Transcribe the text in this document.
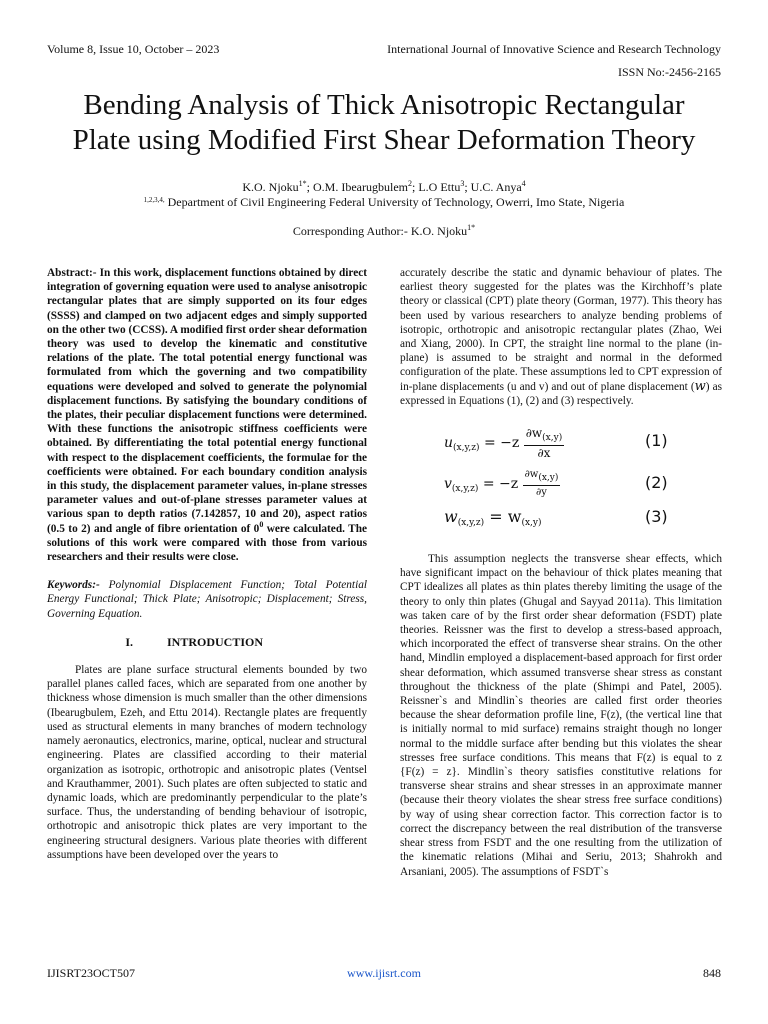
Volume 8, Issue 10, October – 2023	International Journal of Innovative Science and Research Technology
ISSN No:-2456-2165
Bending Analysis of Thick Anisotropic Rectangular
Plate using Modified First Shear Deformation Theory
K.O. Njoku$^{1*}$; O.M. Ibearugbulem$^2$; L.O Ettu$^3$; U.C. Anya$^4$
$^{1,2,3,4,}$ Department of Civil Engineering Federal University of Technology, Owerri, Imo State, Nigeria
Corresponding Author:- K.O. Njoku$^{1*}$

Abstract:- In this work, displacement functions obtained by direct integration of governing equation were used to analyse anisotropic rectangular plates that are simply supported on its four edges (SSSS) and clamped on two adjacent edges and simply supported on the other two (CCSS). A modified first order shear deformation theory was used to develop the kinematic and constitutive relations of the plate. The total potential energy functional was formulated from which the governing and two compatibility equations were developed and solved to generate the polynomial displacement functions. By satisfying the boundary conditions of the plates, their peculiar displacement functions were determined. With these functions the anisotropic stiffness coefficients were obtained. By differentiating the total potential energy functional with respect to the displacement coefficients, the formulae for the coefficients were obtained. For each boundary condition analysis in this study, the displacement parameter values, in-plane stresses parameter values and out-of-plane stresses parameter values at various span to depth ratios (7.142857, 10 and 20), aspect ratios (0.5 to 2) and angle of fibre orientation of $0^0$ were calculated. The solutions of this work were compared with those from various researchers and their results were close.

Keywords:- Polynomial Displacement Function; Total Potential Energy Functional; Thick Plate; Anisotropic; Displacement; Stress, Governing Equation.

I.	INTRODUCTION

Plates are plane surface structural elements bounded by two parallel planes called faces, which are separated from one another by thickness whose dimension is much smaller than the other dimensions (Ibearugbulem, Ezeh, and Ettu 2014). Rectangle plates are frequently used as structural elements in many branches of modern technology namely aeronautics, electronics, marine, optical, nuclear and structural engineering. Plates are classified according to their material organization as isotropic, orthotropic and anisotropic plates (Ventsel and Krauthammer, 2001). Such plates are often subjected to static and dynamic loads, which are predominantly perpendicular to the plate’s surface. Thus, the understanding of bending behaviour of isotropic, orthotropic and anisotropic thick plates are very important to the engineering structural designers. Various plate theories with different assumptions have been developed over the years to

accurately describe the static and dynamic behaviour of plates. The earliest theory suggested for the plates was the Kirchhoff’s plate theory or classical (CPT) plate theory (Gorman, 1977). This theory has been used by various researchers to analyze bending problems of isotropic, orthotropic and anisotropic rectangular plates (Zhao, Wei and Xiang, 2000). In CPT, the straight line normal to the plane (in-plane) is assumed to be straight and normal in the deformed configuration of the plate. These assumptions led to CPT expression of in-plane displacements (u and v) and out of plane displacement (w) as expressed in Equations (1), (2) and (3) respectively.

$u_{(x,y,z)} = -z \frac{\partial w_{(x,y)}}{\partial x}$	(1)
$v_{(x,y,z)} = -z \frac{\partial w(x,y)}{\partial y}$	(2)
$w_{(x,y,z)} = w_{(x,y)}$	(3)

This assumption neglects the transverse shear effects, which have significant impact on the behaviour of thick plates meaning that CPT idealizes all plates as thin plates thereby limiting the usage of the theory to only thin plates (Ghugal and Sayyad 2011a). This limitation was taken care of by the first order shear deformation (FSDT) plate theories. Reissner was the first to develop a stress-based approach, which incorporated the effect of transverse shear strains. On the other hand, Mindlin employed a displacement-based approach for first order shear deformation, which assumed transverse shear stress as constant throughout the thickness of the plate (Shimpi and Patel, 2005). Reissner`s and Mindlin`s theories are called first order theories because the shear deformation profile line, F(z), (the vertical line that is initially normal to mid surface) remains straight though no longer normal to the middle surface after bending but this violates the shear stresses free surface conditions. This means that F(z) is equal to z {F(z) = z}. Mindlin`s theory satisfies constitutive relations for transverse shear strains and shear stresses in an approximate manner (because their theory violates the shear stress free surface conditions) by way of using shear correction factor. This correction factor is to correct the discrepancy between the real distribution of the transverse shear stress from FSDT and the one resulting from the utilization of the kinematic relations (Mihai and Seriu, 2013; Shahrokh and Arsaniani, 2005). The assumptions of FSDT`s

IJISRT23OCT507	www.ijisrt.com	848
